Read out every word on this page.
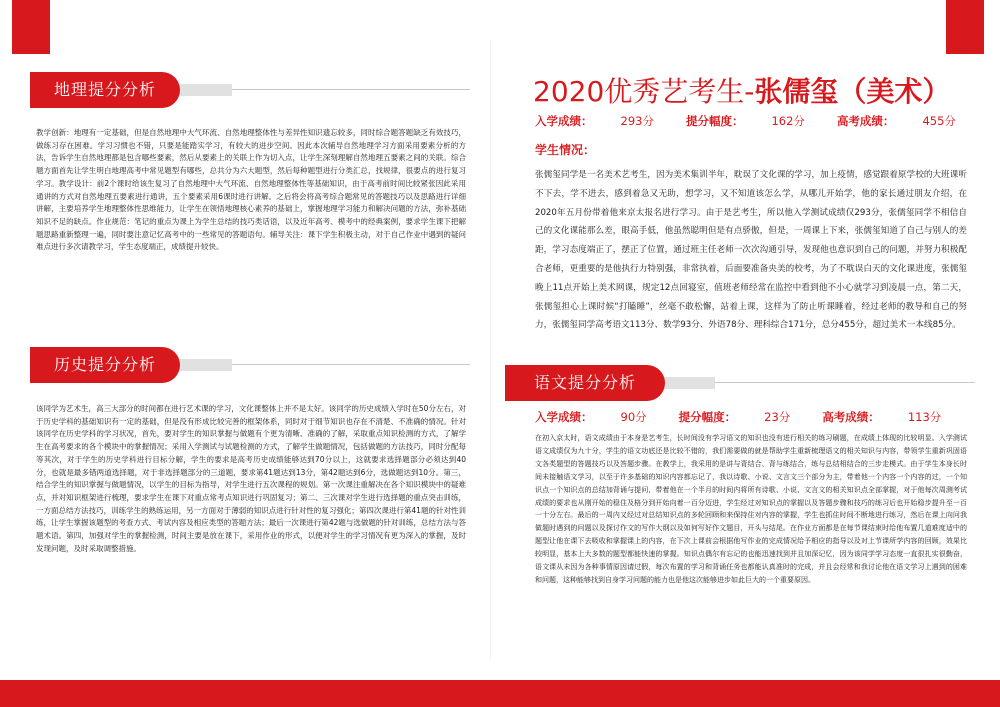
16	17
地理提分分析

教学创新：地理有一定基础，但是自然地理中大气环流、自然地理整体性与差异性知识遗忘较多，同时综合题答题缺乏有效技巧，做练习存在困难。学习习惯也不错，只要是能踏实学习，有较大的进步空间。因此本次辅导自然地理学习方面采用要素分析的方法，告诉学生自然地理都是包含哪些要素，然后从要素上的关联上作为切入点，让学生深刻理解自然地理五要素之间的关联。综合题方面首先让学生明白地理高考中常见题型有哪些，总共分为六大题型，然后每种题型进行分类汇总，找规律，很要点的进行复习学习。教学设计：前2个课时给该生复习了自然地理中大气环流、自然地理整体性等基础知识，由于高考前时间比较紧张因此采用通讲的方式对自然地理五要素进行通讲，五个要素采用6课时进行讲解。之后将会将高考综合题常见的答题技巧以及思路进行详细讲解，主要培养学生地理整体性思维能力，让学生在领悟地理核心素养的基础上，掌握地理学习能力和解决问题的方法，弥补基础知识不足的缺点。作业规范：笔记的重点为课上为学生总结的技巧类话语，以及近年高考、模考中的经典案例，要求学生课下把解题思路重新整理一遍，同时要注意记忆高考中的一些常见的答题语句。辅导关注：课下学生积极主动，对于自己作业中遇到的疑问难点进行多次请教学习，学生态度端正，成绩提升较快。

历史提分分析

该同学为艺术生，高三大部分的时间都在进行艺术课的学习，文化课整体上并不是太好。该同学的历史成绩入学时在50分左右，对于历史学科的基础知识有一定的基础，但是没有形成比较完善的框架体系，同时对于细节知识也存在不清楚、不准确的情况。针对该同学在历史学科的学习状况，首先，要对学生的知识掌握与做题有个更为清晰、准确的了解，采取重点知识检测的方式，了解学生在高考要求的各个模块中的掌握情况；采用入学测试与试题检测的方式，了解学生做题情况，包括做题的方法技巧，同时分配每等其次，对于学生的历史学科进行目标分解，学生的要求是高考历史成绩能够达到70分以上，这就要求选择题部分必须达到40分，也就是最多错两道选择题，对于非选择题部分的三道题，要求第41题达到13分，第42题达到6分，选做题达到10分。第三，结合学生的知识掌握与做题情况，以学生的目标为指导，对学生进行五次课程的规划。第一次课注重解决在各个知识模块中的疑难点，并对知识框架进行梳理，要求学生在课下对重点常考点知识进行巩固复习；第二、三次课对学生进行选择题的重点突击训练，一方面总结方法技巧，训练学生的熟练运用，另一方面对于薄弱的知识点进行针对性的复习强化；第四次课进行第41题的针对性训练，让学生掌握该题型的考查方式、考试内容及相应类型的答题方法；最后一次课进行第42题与选做题的针对训练，总结方法与答题术语。第四，加强对学生的掌握检测，时间主要是放在课下，采用作业的形式，以便对学生的学习情况有更为深入的掌握，及时发现问题，及时采取调整措施。

2020优秀艺考生-张儒玺（美术）
入学成绩： 293分	提分幅度： 162分	高考成绩： 455分
学生情况：

张儒玺同学是一名美术艺考生，因为美术集训半年，耽误了文化课的学习，加上疫情，感觉跟着原学校的大班课听不下去，学不进去，感到着急又无助，想学习，又不知道该怎么学，从哪儿开始学，他的家长通过朋友介绍，在2020年五月份带着他来京太报名进行学习。由于是艺考生，所以他入学测试成绩仅293分，张儒玺同学不相信自己的文化课能那么差，眼高手低，他虽然聪明但是有点骄傲，但是，一周课上下来，张儒玺知道了自己与别人的差距，学习态度端正了，摆正了位置，通过班主任老师一次次沟通引导，发现他也意识到自己的问题，并努力积极配合老师，更重要的是他执行力特别强，非常执着，后面要准备央美的校考，为了不耽误白天的文化课进度，张儒玺晚上11点开始上美术网课，规定12点回寝室，值班老师经常在监控中看到他不小心就学习到凌晨一点，第二天，张儒玺担心上课时候“打瞌睡”，丝毫不敢松懈，站着上课，这样为了防止听课睡着，经过老师的教导和自己的努力，张儒玺同学高考语文113分、数学93分、外语78分、理科综合171分，总分455分，超过美术一本线85分。

语文提分分析
入学成绩： 90分	提分幅度： 23分	高考成绩： 113分

在初入京太时，语文成绩由于本身是艺考生，长时间没有学习语文的知识也没有进行相关的练习刷题，在成绩上体现的比较明显。入学测试语文成绩仅为九十分，学生的语文功底还是比较不错的，我们需要做的就是帮助学生重新梳理语文的相关知识与内容，带领学生重新巩固语文各类题型的答题技巧以及答题步骤。在教学上，我采用的是讲与背结合、背与练结合，练与总结相结合的三步走模式。由于学生本身长时间未接触语文学习，以至于许多基础的知识内容都忘记了，我以诗歌、小说、文言文三个部分为主，带着他一个内容一个内容的过，一个知识点一个知识点的总结加背诵与提问，带着他在一个半月的时间内将所有诗歌、小说、文言文的相关知识点全部掌握，对于他每次周测考试成绩的要求也从刚开始的稳住及格分到开始向着一百分迈进，学生经过对知识点的掌握以及答题步骤和技巧的练习后也开始稳步提升至一百一十分左右。最后的一周内又经过对总结知识点的多轮回顾和来保持住对内容的掌握，学生也抓住时间不断地进行练习，然后在课上向问我做题时遇到的问题以及探讨作文的写作大纲以及如何写好作文题目，开头与结尾。在作业方面都是在每节课结束时给他布置几道难度适中的题型让他在课下去吸收和掌握课上的内容，在下次上课前会根据他写作业的完成情况给予相应的指导以及对上节课所学内容的回顾，效果比较明显，基本上大多数的题型都能快速的掌握。知识点偶尔有忘记的也能迅速找到并且加深记忆，因为该同学学习态度一直很扎实很勤奋，语文课从未因为各种事情原因请过假，每次布置的学习和背诵任务也都能认真准时的完成，并且会经常和我讨论他在语文学习上遇到的困难和问题，这种能够找到自身学习问题的能力也是他这次能够进步如此巨大的一个重要原因。
